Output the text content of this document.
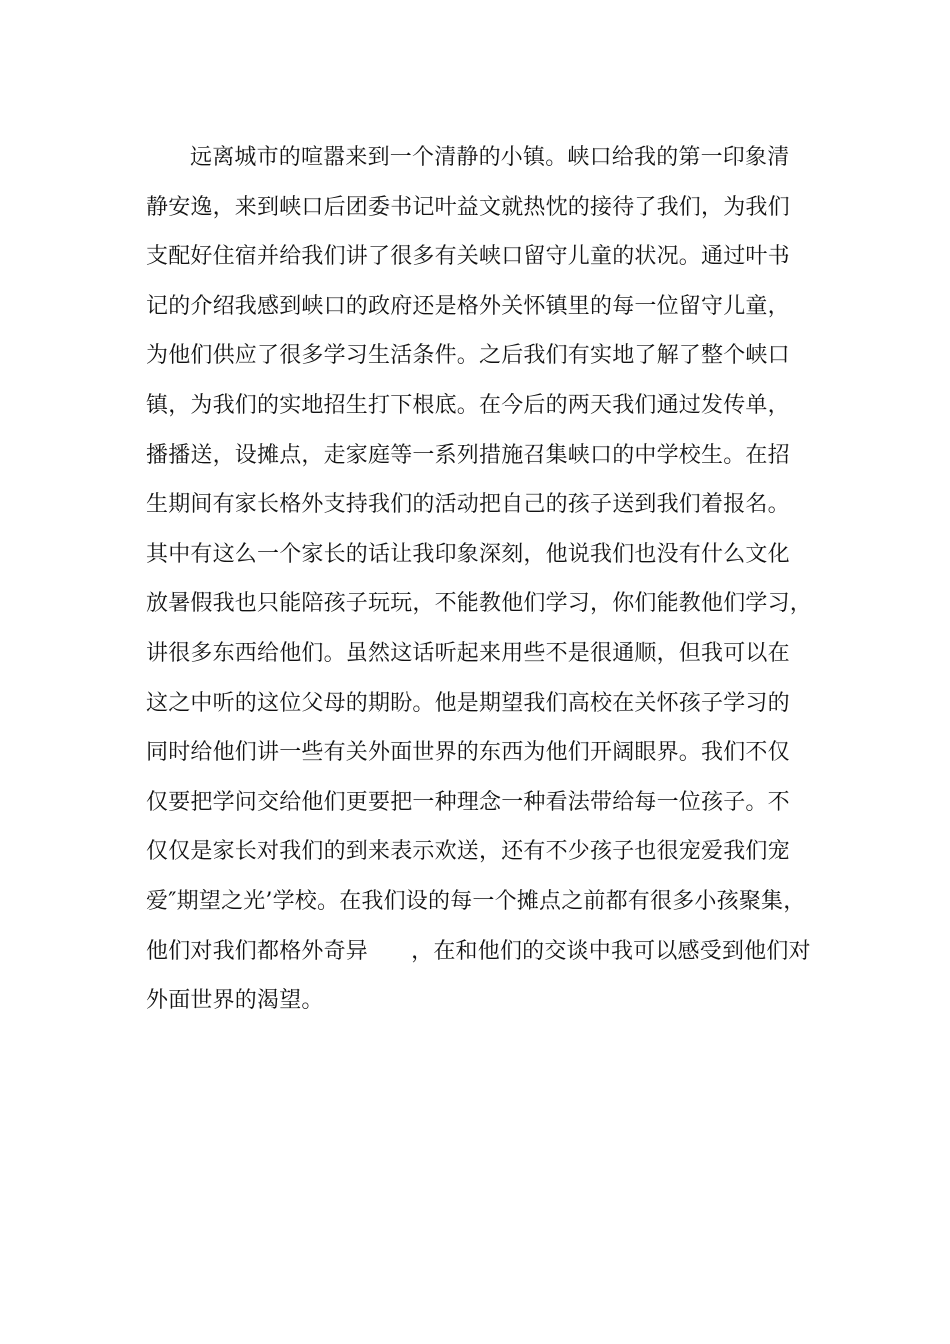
远离城市的喧嚣来到一个清静的小镇。峡口给我的第一印象清
静安逸，来到峡口后团委书记叶益文就热忱的接待了我们，为我们
支配好住宿并给我们讲了很多有关峡口留守儿童的状况。通过叶书
记的介绍我感到峡口的政府还是格外关怀镇里的每一位留守儿童，
为他们供应了很多学习生活条件。之后我们有实地了解了整个峡口
镇，为我们的实地招生打下根底。在今后的两天我们通过发传单，
播播送，设摊点，走家庭等一系列措施召集峡口的中学校生。在招
生期间有家长格外支持我们的活动把自己的孩子送到我们着报名。
其中有这么一个家长的话让我印象深刻，他说我们也没有什么文化
放暑假我也只能陪孩子玩玩，不能教他们学习，你们能教他们学习，
讲很多东西给他们。虽然这话听起来用些不是很通顺，但我可以在
这之中听的这位父母的期盼。他是期望我们高校在关怀孩子学习的
同时给他们讲一些有关外面世界的东西为他们开阔眼界。我们不仅
仅要把学问交给他们更要把一种理念一种看法带给每一位孩子。不
仅仅是家长对我们的到来表示欢送，还有不少孩子也很宠爱我们宠
爱″期望之光’学校。在我们设的每一个摊点之前都有很多小孩聚集，
他们对我们都格外奇异      ，在和他们的交谈中我可以感受到他们对
外面世界的渴望。
